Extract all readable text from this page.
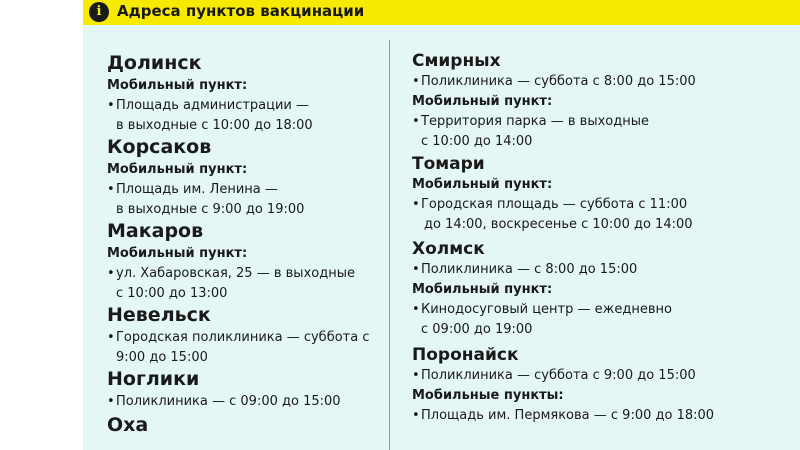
i	Адреса пунктов вакцинации
Долинск
Мобильный пункт:
•Площадь администрации —
в выходные с 10:00 до 18:00
Корсаков
Мобильный пункт:
•Площадь им. Ленина —
в выходные с 9:00 до 19:00
Макаров
Мобильный пункт:
•ул. Хабаровская, 25 — в выходные
с 10:00 до 13:00
Невельск
•Городская поликлиника — суббота с
9:00 до 15:00
Ноглики
•Поликлиника — с 09:00 до 15:00
Оха
Смирных
•Поликлиника — суббота с 8:00 до 15:00
Мобильный пункт:
•Территория парка — в выходные
с 10:00 до 14:00
Томари
Мобильный пункт:
•Городская площадь — суббота с 11:00
до 14:00, воскресенье с 10:00 до 14:00
Холмск
•Поликлиника — с 8:00 до 15:00
Мобильный пункт:
•Кинодосуговый центр — ежедневно
с 09:00 до 19:00
Поронайск
•Поликлиника — суббота с 9:00 до 15:00
Мобильные пункты:
•Площадь им. Пермякова — с 9:00 до 18:00
